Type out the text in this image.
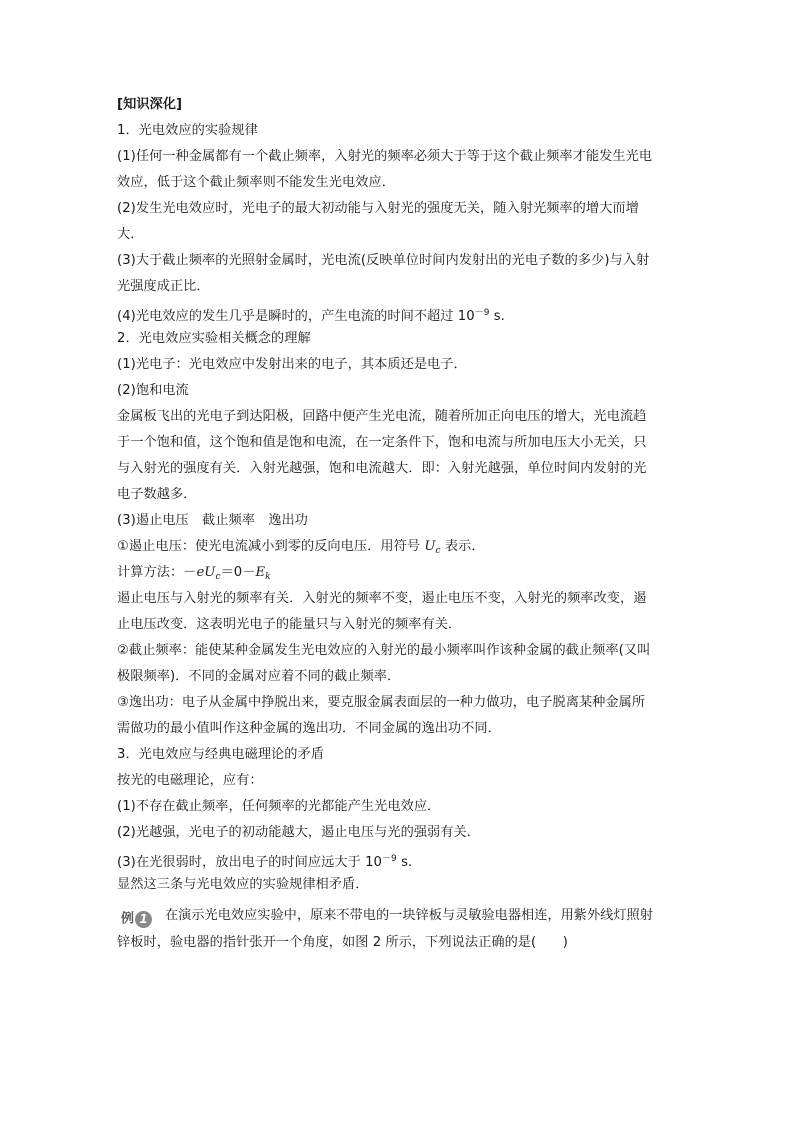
[知识深化]
1．光电效应的实验规律
(1)任何一种金属都有一个截止频率，入射光的频率必须大于等于这个截止频率才能发生光电
效应，低于这个截止频率则不能发生光电效应．
(2)发生光电效应时，光电子的最大初动能与入射光的强度无关，随入射光频率的增大而增
大．
(3)大于截止频率的光照射金属时，光电流(反映单位时间内发射出的光电子数的多少)与入射
光强度成正比．
(4)光电效应的发生几乎是瞬时的，产生电流的时间不超过 $10^{-9}$ s.
2．光电效应实验相关概念的理解
(1)光电子：光电效应中发射出来的电子，其本质还是电子．
(2)饱和电流
金属板飞出的光电子到达阳极，回路中便产生光电流，随着所加正向电压的增大，光电流趋
于一个饱和值，这个饱和值是饱和电流，在一定条件下，饱和电流与所加电压大小无关，只
与入射光的强度有关．入射光越强，饱和电流越大．即：入射光越强，单位时间内发射的光
电子数越多．
(3)遏止电压　截止频率　逸出功
①遏止电压：使光电流减小到零的反向电压．用符号 $U_c$ 表示．
计算方法：$-eU_c=0-E_k$
遏止电压与入射光的频率有关．入射光的频率不变，遏止电压不变，入射光的频率改变，遏
止电压改变．这表明光电子的能量只与入射光的频率有关．
②截止频率：能使某种金属发生光电效应的入射光的最小频率叫作该种金属的截止频率(又叫
极限频率)．不同的金属对应着不同的截止频率．
③逸出功：电子从金属中挣脱出来，要克服金属表面层的一种力做功，电子脱离某种金属所
需做功的最小值叫作这种金属的逸出功．不同金属的逸出功不同．
3．光电效应与经典电磁理论的矛盾
按光的电磁理论，应有：
(1)不存在截止频率，任何频率的光都能产生光电效应．
(2)光越强，光电子的初动能越大，遏止电压与光的强弱有关．
(3)在光很弱时，放出电子的时间应远大于 $10^{-9}$ s.
显然这三条与光电效应的实验规律相矛盾．
例 1	在演示光电效应实验中，原来不带电的一块锌板与灵敏验电器相连，用紫外线灯照射
锌板时，验电器的指针张开一个角度，如图 2 所示，下列说法正确的是(　　)
